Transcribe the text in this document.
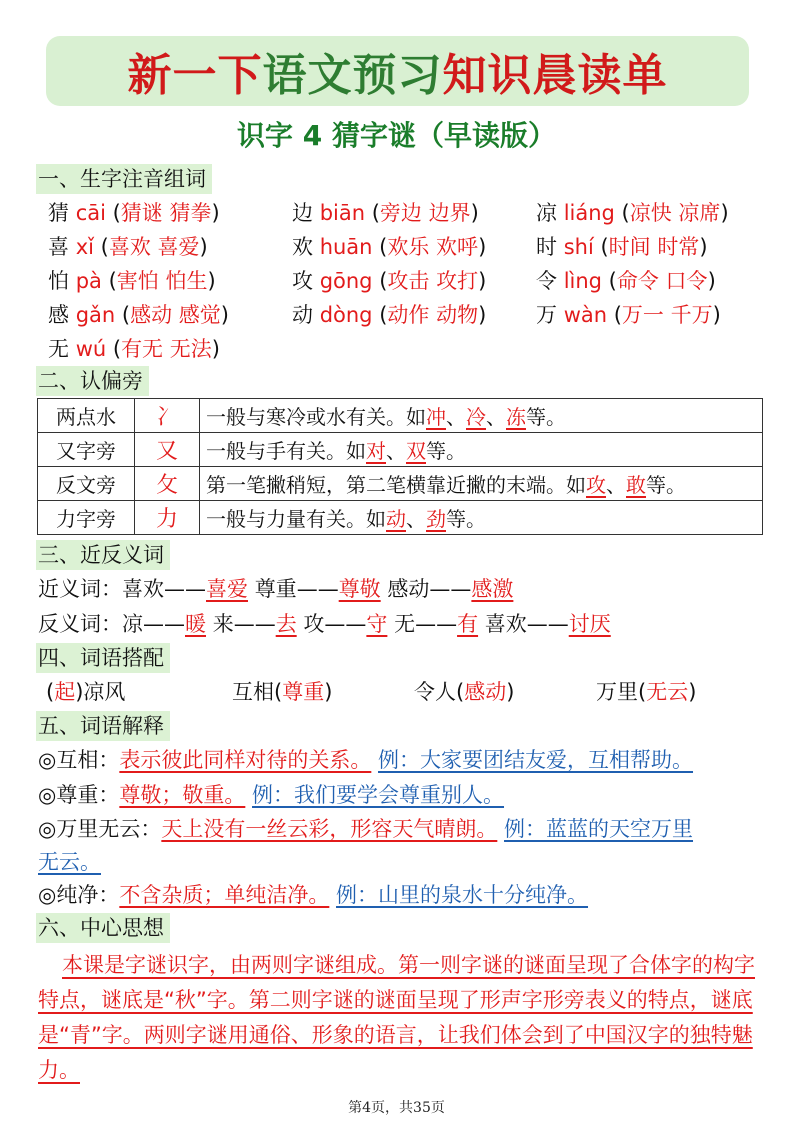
新一下 语文预习 知识晨读单
识字 4 猜字谜（早读版）
一、生字注音组词
猜 cāi (猜谜 猜拳)	边 biān (旁边 边界)	凉 liáng (凉快 凉席)
喜 xǐ (喜欢 喜爱)	欢 huān (欢乐 欢呼) 时 shí (时间 时常)
怕 pà (害怕 怕生)	攻 gōng (攻击 攻打) 令 lìng (命令 口令)
感 gǎn (感动 感觉)	动 dòng (动作 动物) 万 wàn (万一 千万)
无 wú (有无 无法)
二、认偏旁
两点水	冫	一般与寒冷或水有关。如冲、冷、冻等。
又字旁	又	一般与手有关。如对、双等。
反文旁	攵	第一笔撇稍短，第二笔横靠近撇的末端。如攻、敢等。
力字旁	力	一般与力量有关。如动、劲等。
三、近反义词
近义词：喜欢——喜爱 尊重——尊敬 感动——感激
反义词：凉——暖 来——去 攻——守 无——有 喜欢——讨厌
四、词语搭配
(起)凉风	互相(尊重)	令人(感动)	万里(无云)
五、词语解释
◎互相：表示彼此同样对待的关系。 例：大家要团结友爱，互相帮助。
◎尊重：尊敬；敬重。 例：我们要学会尊重别人。
◎万里无云：天上没有一丝云彩，形容天气晴朗。 例：蓝蓝的天空万里
无云。
◎纯净：不含杂质；单纯洁净。 例：山里的泉水十分纯净。
六、中心思想
本课是字谜识字，由两则字谜组成。第一则字谜的谜面呈现了合体字的构字特点，谜底是“秋”字。第二则字谜的谜面呈现了形声字形旁表义的特点，谜底是“青”字。两则字谜用通俗、形象的语言，让我们体会到了中国汉字的独特魅力。
第4页，共35页
